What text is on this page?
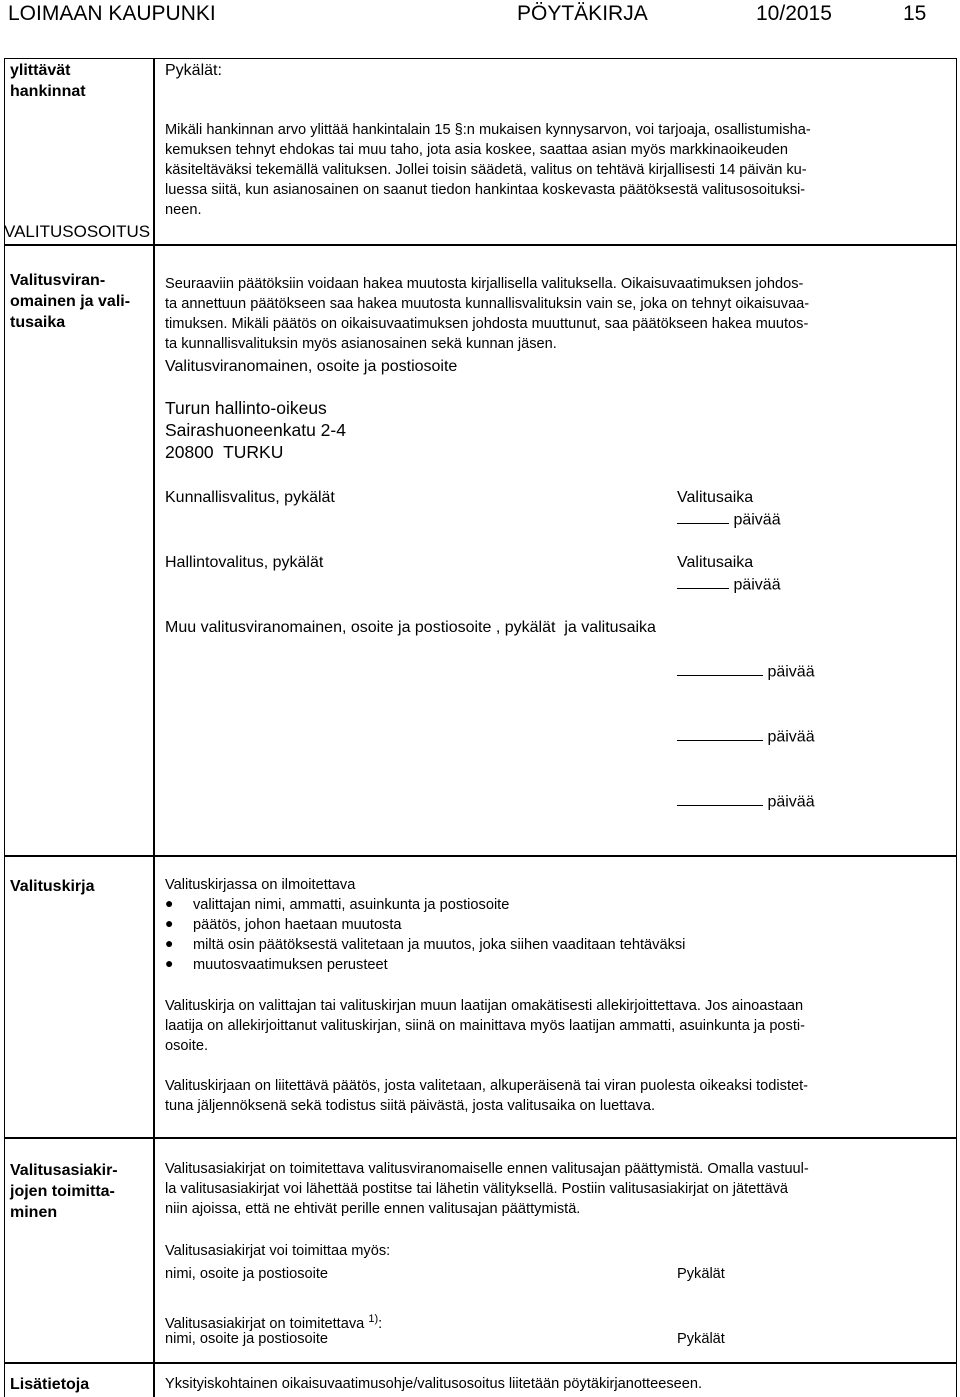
LOIMAAN KAUPUNKI	PÖYTÄKIRJA	10/2015	15
ylittävät
hankinnat
Pykälät:
Mikäli hankinnan arvo ylittää hankintalain 15 §:n mukaisen kynnysarvon, voi tarjoaja, osallistumisha-
kemuksen tehnyt ehdokas tai muu taho, jota asia koskee, saattaa asian myös markkinaoikeuden
käsiteltäväksi tekemällä valituksen. Jollei toisin säädetä, valitus on tehtävä kirjallisesti 14 päivän ku-
luessa siitä, kun asianosainen on saanut tiedon hankintaa koskevasta päätöksestä valitusosoituksi-
neen.
VALITUSOSOITUS
Valitusviran-
omainen ja vali-
tusaika
Seuraaviin päätöksiin voidaan hakea muutosta kirjallisella valituksella. Oikaisuvaatimuksen johdos-
ta annettuun päätökseen saa hakea muutosta kunnallisvalituksin vain se, joka on tehnyt oikaisuvaa-
timuksen. Mikäli päätös on oikaisuvaatimuksen johdosta muuttunut, saa päätökseen hakea muutos-
ta kunnallisvalituksin myös asianosainen sekä kunnan jäsen.
Valitusviranomainen, osoite ja postiosoite
Turun hallinto-oikeus
Sairashuoneenkatu 2-4
20800  TURKU
Kunnallisvalitus, pykälät	Valitusaika
päivää
Hallintovalitus, pykälät	Valitusaika
päivää
Muu valitusviranomainen, osoite ja postiosoite , pykälät  ja valitusaika
päivää
päivää
päivää
Valituskirja	Valituskirjassa on ilmoitettava
● valittajan nimi, ammatti, asuinkunta ja postiosoite
● päätös, johon haetaan muutosta
● miltä osin päätöksestä valitetaan ja muutos, joka siihen vaaditaan tehtäväksi
● muutosvaatimuksen perusteet
Valituskirja on valittajan tai valituskirjan muun laatijan omakätisesti allekirjoittettava. Jos ainoastaan
laatija on allekirjoittanut valituskirjan, siinä on mainittava myös laatijan ammatti, asuinkunta ja posti-
osoite.
Valituskirjaan on liitettävä päätös, josta valitetaan, alkuperäisenä tai viran puolesta oikeaksi todistet-
tuna jäljennöksenä sekä todistus siitä päivästä, josta valitusaika on luettava.
Valitusasiakir-
jojen toimitta-
minen
Valitusasiakirjat on toimitettava valitusviranomaiselle ennen valitusajan päättymistä. Omalla vastuul-
la valitusasiakirjat voi lähettää postitse tai lähetin välityksellä. Postiin valitusasiakirjat on jätettävä
niin ajoissa, että ne ehtivät perille ennen valitusajan päättymistä.
Valitusasiakirjat voi toimittaa myös:
nimi, osoite ja postiosoite	Pykälät
Valitusasiakirjat on toimitettava $^{1)}$:
nimi, osoite ja postiosoite	Pykälät
Lisätietoja	Yksityiskohtainen oikaisuvaatimusohje/valitusosoitus liitetään pöytäkirjanotteeseen.
